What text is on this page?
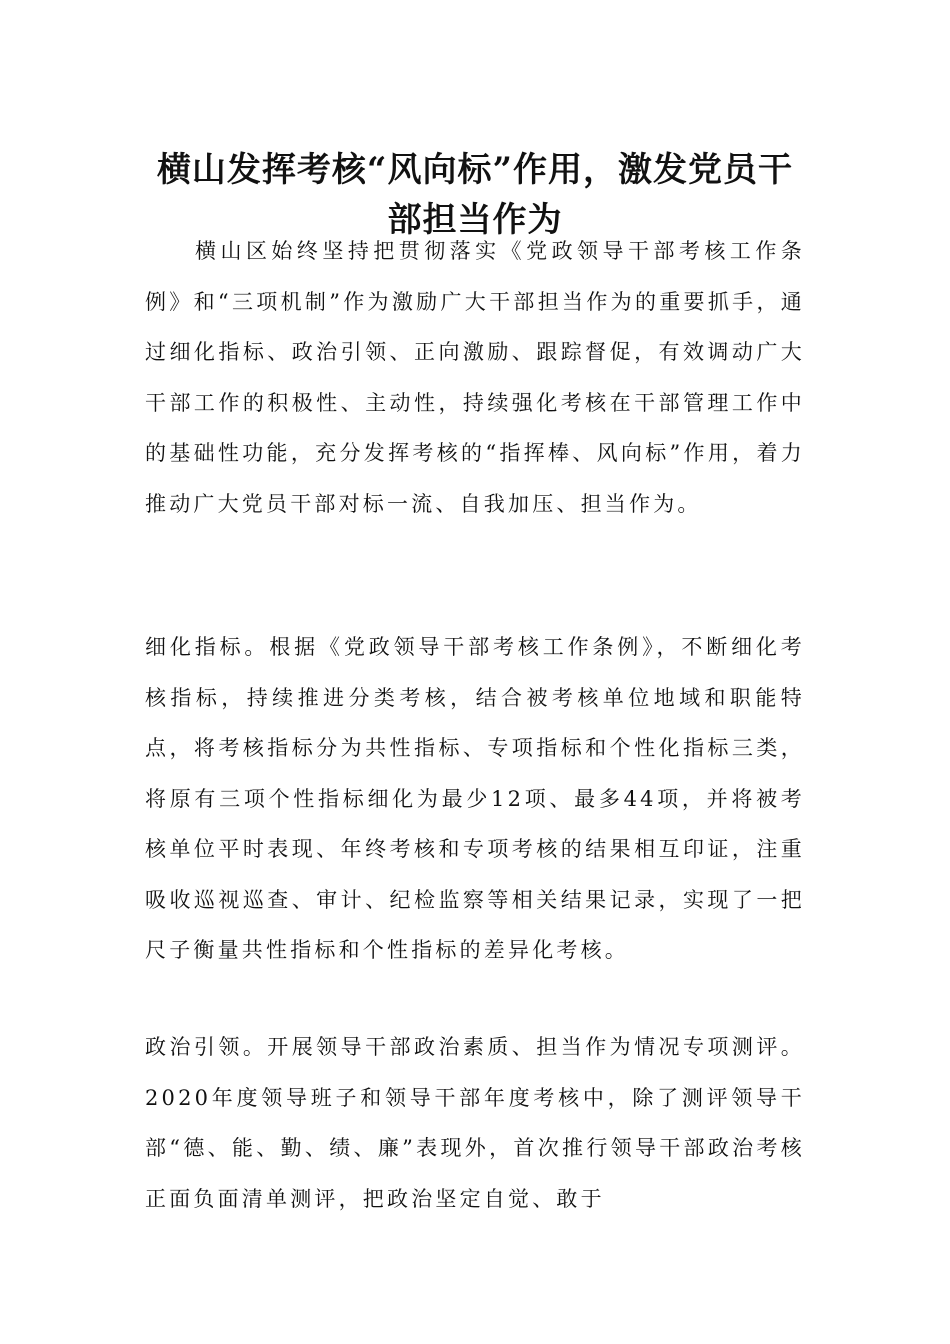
横山发挥考核“风向标”作用，激发党员干部担当作为

横山区始终坚持把贯彻落实《党政领导干部考核工作条例》和“三项机制”作为激励广大干部担当作为的重要抓手，通过细化指标、政治引领、正向激励、跟踪督促，有效调动广大干部工作的积极性、主动性，持续强化考核在干部管理工作中的基础性功能，充分发挥考核的“指挥棒、风向标”作用，着力推动广大党员干部对标一流、自我加压、担当作为。

细化指标。根据《党政领导干部考核工作条例》，不断细化考核指标，持续推进分类考核，结合被考核单位地域和职能特点，将考核指标分为共性指标、专项指标和个性化指标三类，将原有三项个性指标细化为最少12项、最多44项，并将被考核单位平时表现、年终考核和专项考核的结果相互印证，注重吸收巡视巡查、审计、纪检监察等相关结果记录，实现了一把尺子衡量共性指标和个性指标的差异化考核。

政治引领。开展领导干部政治素质、担当作为情况专项测评。2020年度领导班子和领导干部年度考核中，除了测评领导干部“德、能、勤、绩、廉”表现外，首次推行领导干部政治考核正面负面清单测评，把政治坚定自觉、敢于
